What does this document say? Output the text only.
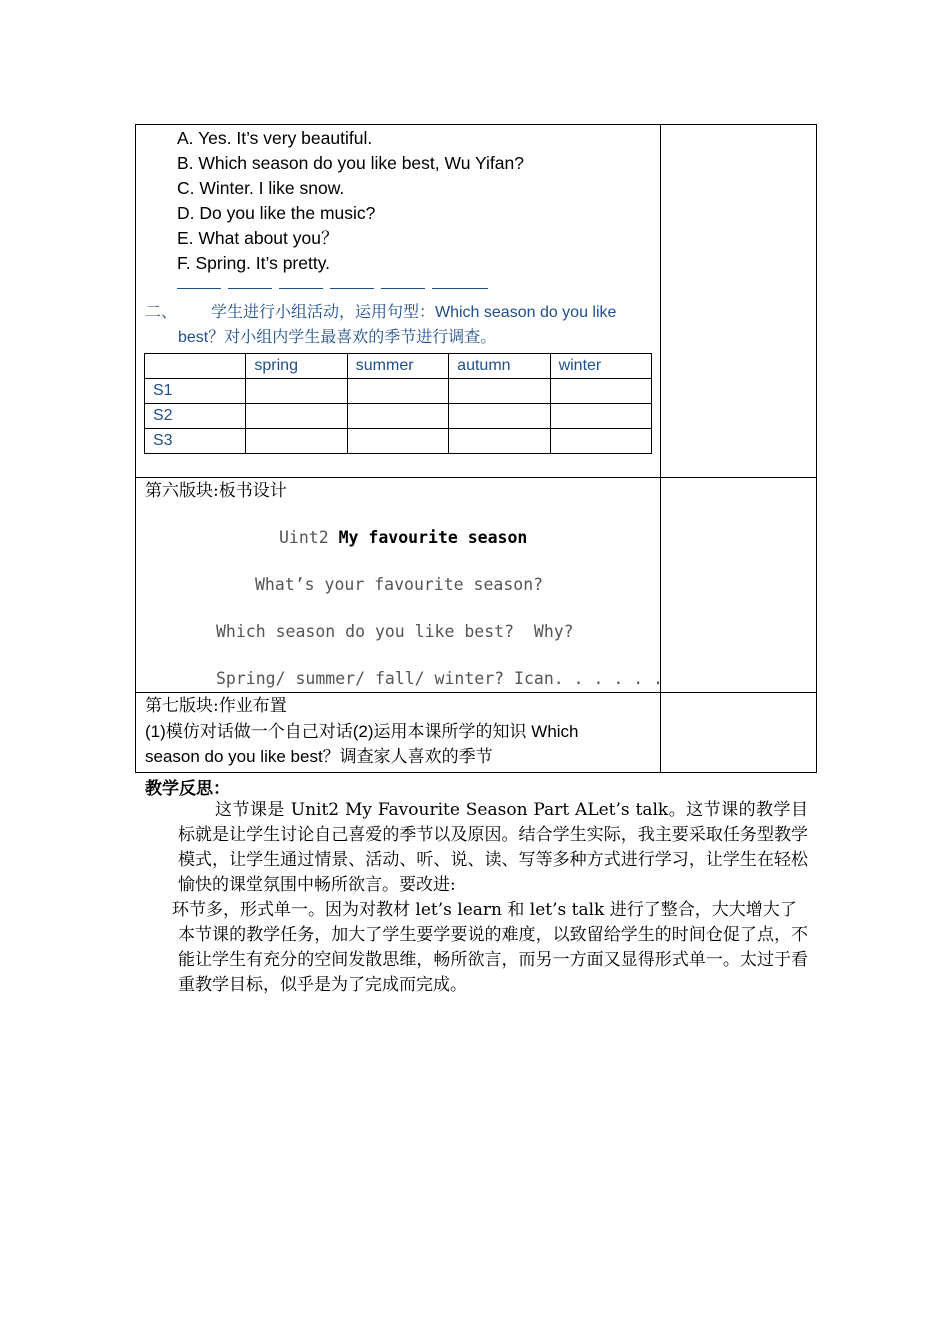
A. Yes. It’s very beautiful.
B. Which season do you like best, Wu Yifan?
C. Winter. I like snow.
D. Do you like the music?
E. What about you？
F. Spring. It’s pretty.
二、 学生进行小组活动，运用句型：Which season do you like
best？对小组内学生最喜欢的季节进行调查。
	spring	summer	autumn	winter
S1				
S2				
S3				

第六版块:板书设计
Uint2 My favourite season
What’s your favourite season?
Which season do you like best?  Why?
Spring/ summer/ fall/ winter? Ican. . . . . .

第七版块:作业布置
(1)模仿对话做一个自己对话(2)运用本课所学的知识 Which
season do you like best？调查家人喜欢的季节

教学反思：

这节课是 Unit2 My Favourite Season Part ALet’s talk。这节课的教学目标就是让学生讨论自己喜爱的季节以及原因。结合学生实际，我主要采取任务型教学模式，让学生通过情景、活动、听、说、读、写等多种方式进行学习，让学生在轻松愉快的课堂氛围中畅所欲言。要改进:

环节多，形式单一。因为对教材 let’s learn 和 let’s talk 进行了整合，大大增大了

本节课的教学任务，加大了学生要学要说的难度，以致留给学生的时间仓促了点，不能让学生有充分的空间发散思维，畅所欲言，而另一方面又显得形式单一。太过于看重教学目标，似乎是为了完成而完成。
